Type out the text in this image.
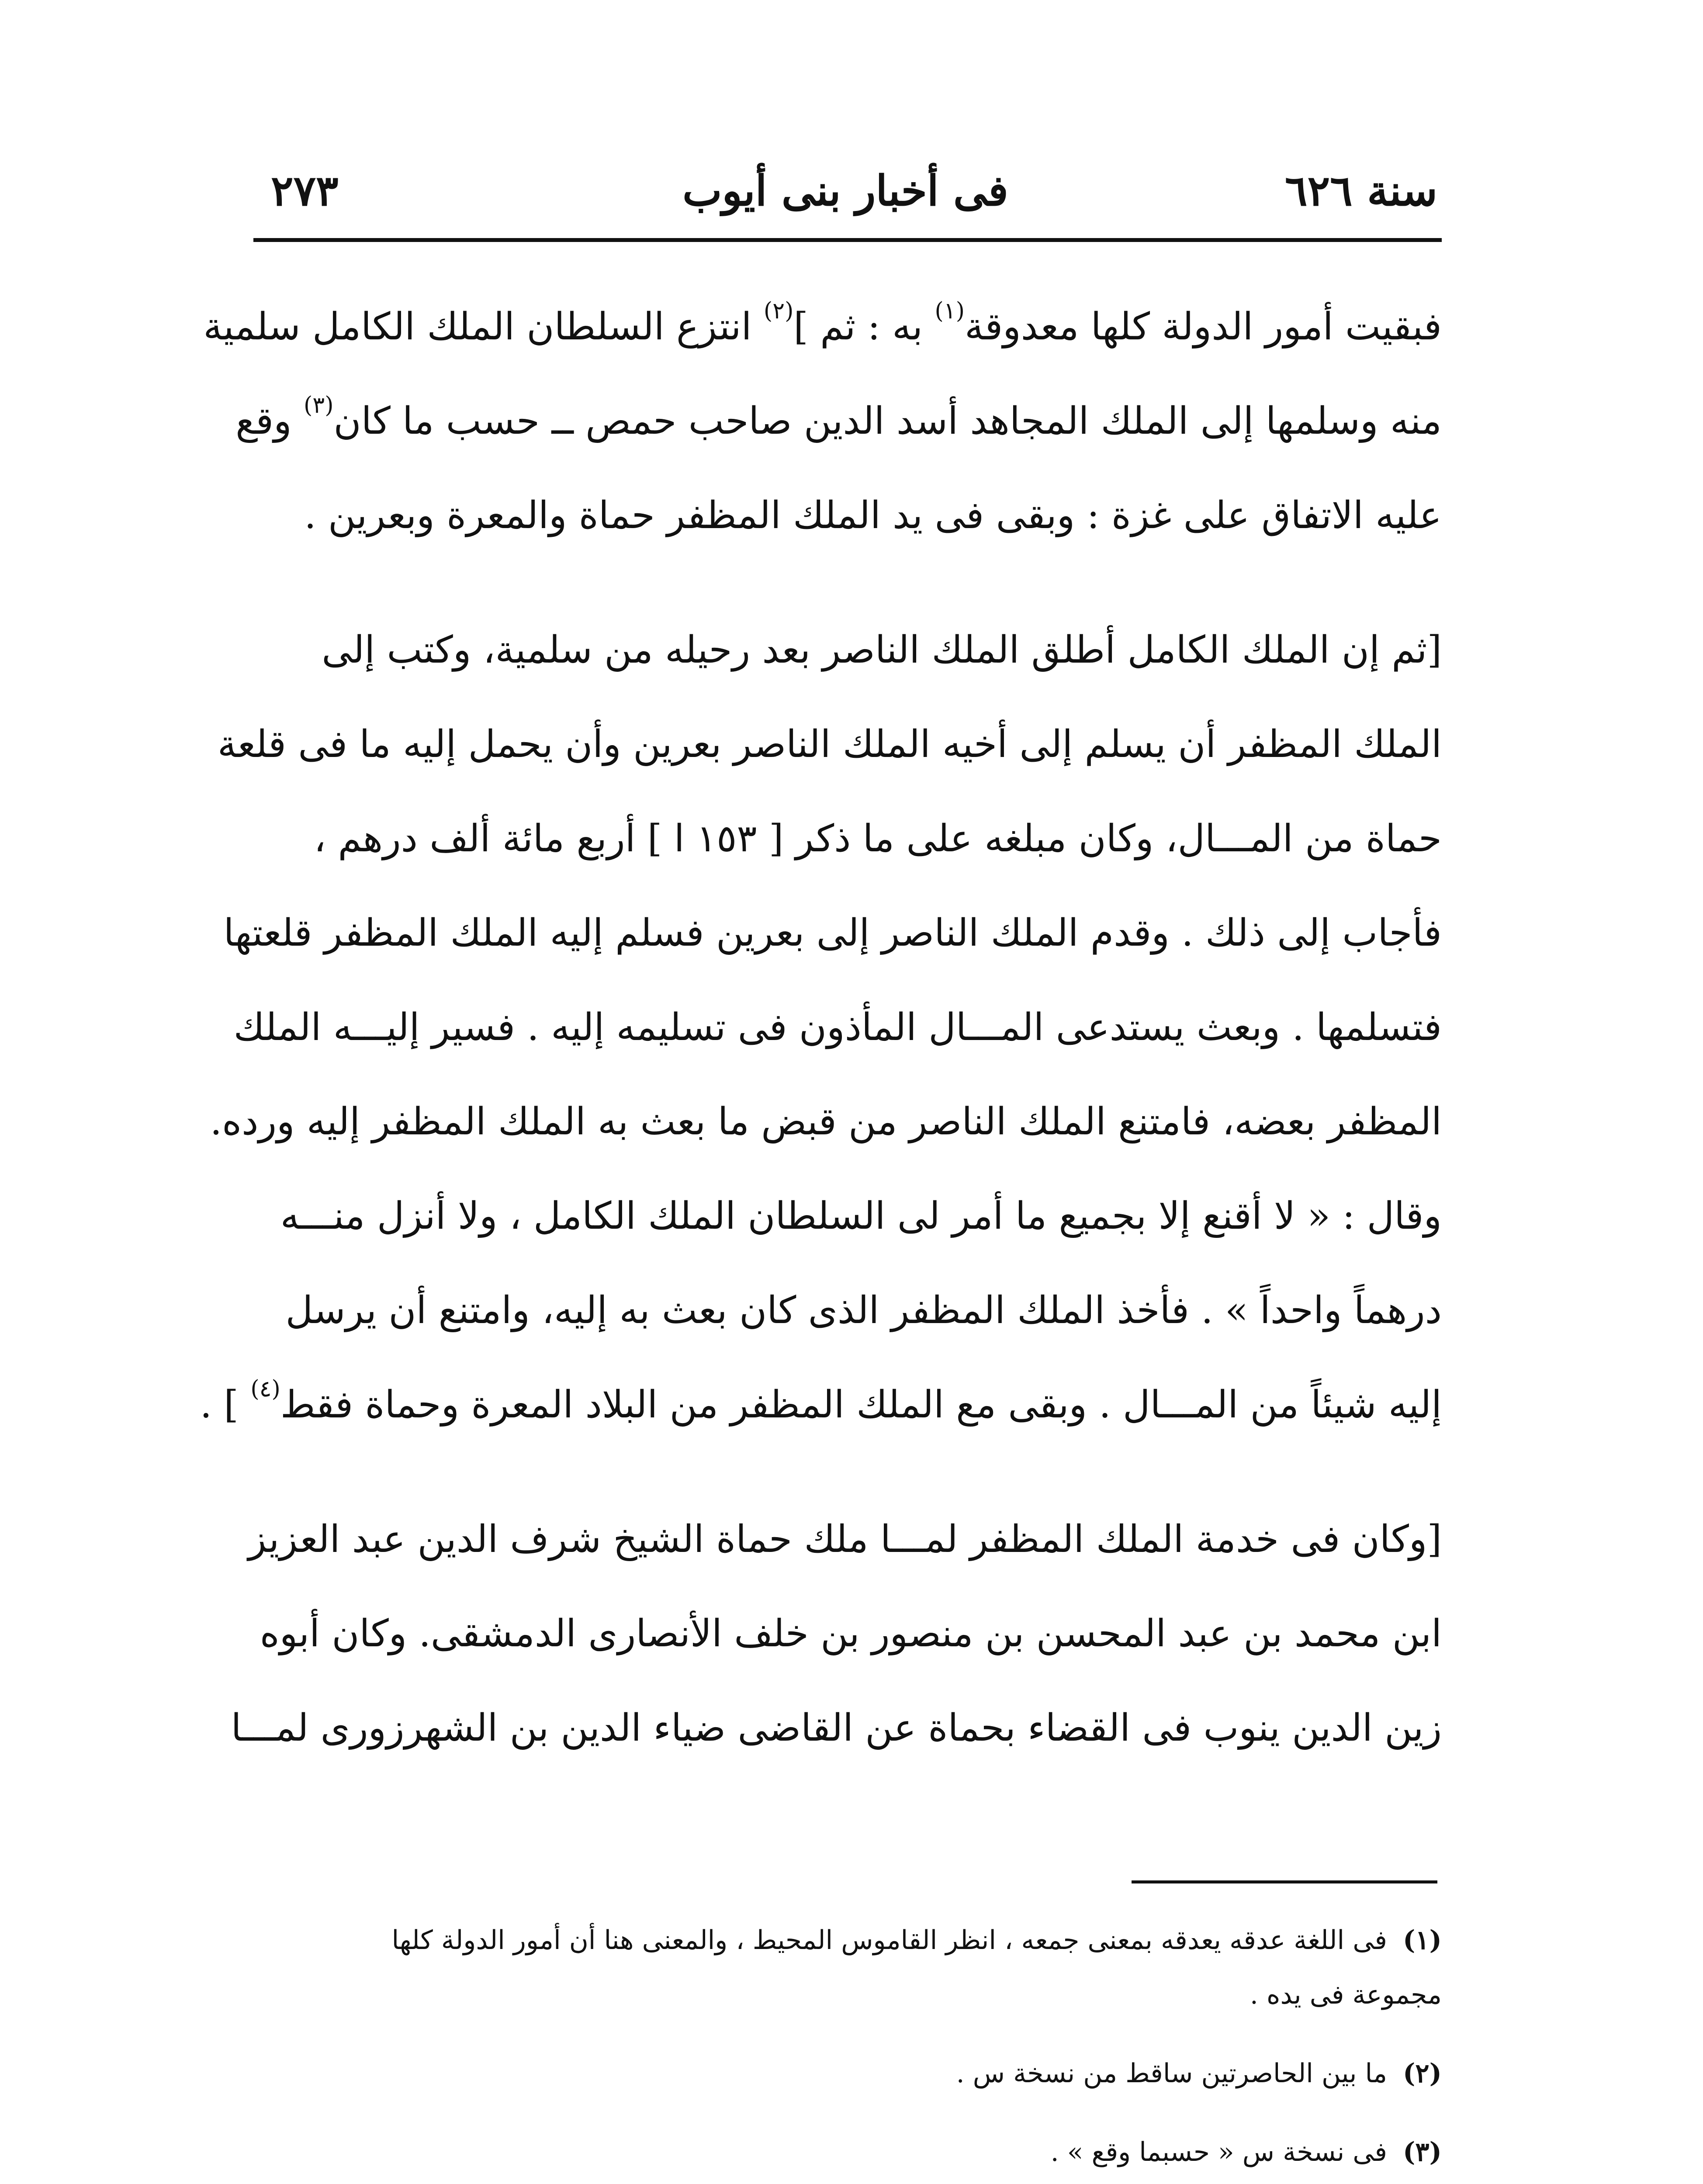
سنة ٦٢٦
فى أخبار بنى أيوب
٢٧٣
فبقيت أمور الدولة كلها معدوقة$^{(١)}$ به : ثم ]$^{(٢)}$ انتزع السلطان الملك الكامل سلمية
منه وسلمها إلى الملك المجاهد أسد الدين صاحب حمص ــ حسب ما كان$^{(٣)}$ وقع
عليه الاتفاق على غزة : وبقى فى يد الملك المظفر حماة والمعرة وبعرين .
[ثم إن الملك الكامل أطلق الملك الناصر بعد رحيله من سلمية، وكتب إلى
الملك المظفر أن يسلم إلى أخيه الملك الناصر بعرين وأن يحمل إليه ما فى قلعة
حماة من المـــال، وكان مبلغه على ما ذكر [ ١٥٣ ا ] أربع مائة ألف درهم ،
فأجاب إلى ذلك . وقدم الملك الناصر إلى بعرين فسلم إليه الملك المظفر قلعتها
فتسلمها . وبعث يستدعى المـــال المأذون فى تسليمه إليه . فسير إليـــه الملك
المظفر بعضه، فامتنع الملك الناصر من قبض ما بعث به الملك المظفر إليه ورده.
وقال : « لا أقنع إلا بجميع ما أمر لى السلطان الملك الكامل ، ولا أنزل منـــه
درهماً واحداً » . فأخذ الملك المظفر الذى كان بعث به إليه، وامتنع أن يرسل
إليه شيئاً من المـــال . وبقى مع الملك المظفر من البلاد المعرة وحماة فقط$^{(٤)}$ ] .
[وكان فى خدمة الملك المظفر لمـــا ملك حماة الشيخ شرف الدين عبد العزيز
ابن محمد بن عبد المحسن بن منصور بن خلف الأنصارى الدمشقى. وكان أبوه
زين الدين ينوب فى القضاء بحماة عن القاضى ضياء الدين بن الشهرزورى لمـــا
(١)فى اللغة عدقه يعدقه بمعنى جمعه ، انظر القاموس المحيط ، والمعنى هنا أن أمور الدولة كلها
مجموعة فى يده .
(٢)ما بين الحاصرتين ساقط من نسخة س .
(٣)فى نسخة س « حسبما وقع » .
